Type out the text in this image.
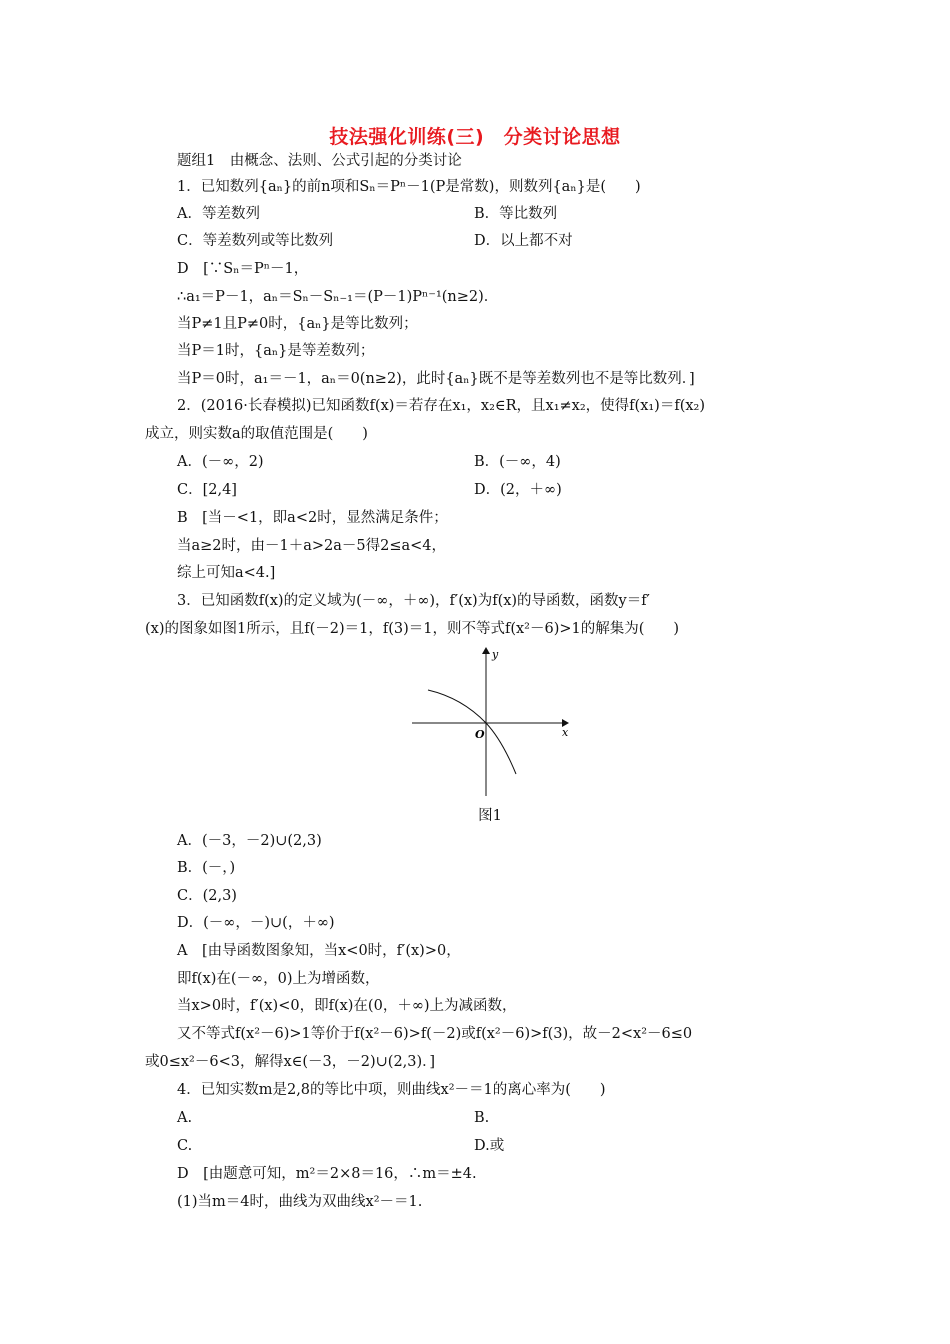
技法强化训练(三)　分类讨论思想
题组1　由概念、法则、公式引起的分类讨论
1．已知数列{aₙ}的前n项和Sₙ＝Pⁿ－1(P是常数)，则数列{aₙ}是(　　)
A．等差数列	B．等比数列
C．等差数列或等比数列	D．以上都不对
D　[∵Sₙ＝Pⁿ－1，
∴a₁＝P－1，aₙ＝Sₙ－Sₙ₋₁＝(P－1)Pⁿ⁻¹(n≥2)．
当P≠1且P≠0时，{aₙ}是等比数列；
当P＝1时，{aₙ}是等差数列；
当P＝0时，a₁＝－1，aₙ＝0(n≥2)，此时{aₙ}既不是等差数列也不是等比数列．]
2．(2016·长春模拟)已知函数f(x)＝若存在x₁，x₂∈R，且x₁≠x₂，使得f(x₁)＝f(x₂)
成立，则实数a的取值范围是(　　)
A．(－∞，2)	B．(－∞，4)
C．[2,4]	D．(2，＋∞)
B　[当－<1，即a<2时，显然满足条件；
当a≥2时，由－1＋a>2a－5得2≤a<4，
综上可知a<4.]
3．已知函数f(x)的定义域为(－∞，＋∞)，f′(x)为f(x)的导函数，函数y＝f′
(x)的图象如图1所示，且f(－2)＝1，f(3)＝1，则不等式f(x²－6)>1的解集为(　　)
y
x
O
图1
A．(－3，－2)∪(2,3)
B．(－，)
C．(2,3)
D．(－∞，－)∪(，＋∞)
A　[由导函数图象知，当x<0时，f′(x)>0，
即f(x)在(－∞，0)上为增函数，
当x>0时，f′(x)<0，即f(x)在(0，＋∞)上为减函数，
又不等式f(x²－6)>1等价于f(x²－6)>f(－2)或f(x²－6)>f(3)，故－2<x²－6≤0
或0≤x²－6<3，解得x∈(－3，－2)∪(2,3)．]
4．已知实数m是2,8的等比中项，则曲线x²－＝1的离心率为(　　)
A.	B.
C.	D.或
D　[由题意可知，m²＝2×8＝16，∴m＝±4.
(1)当m＝4时，曲线为双曲线x²－＝1.
